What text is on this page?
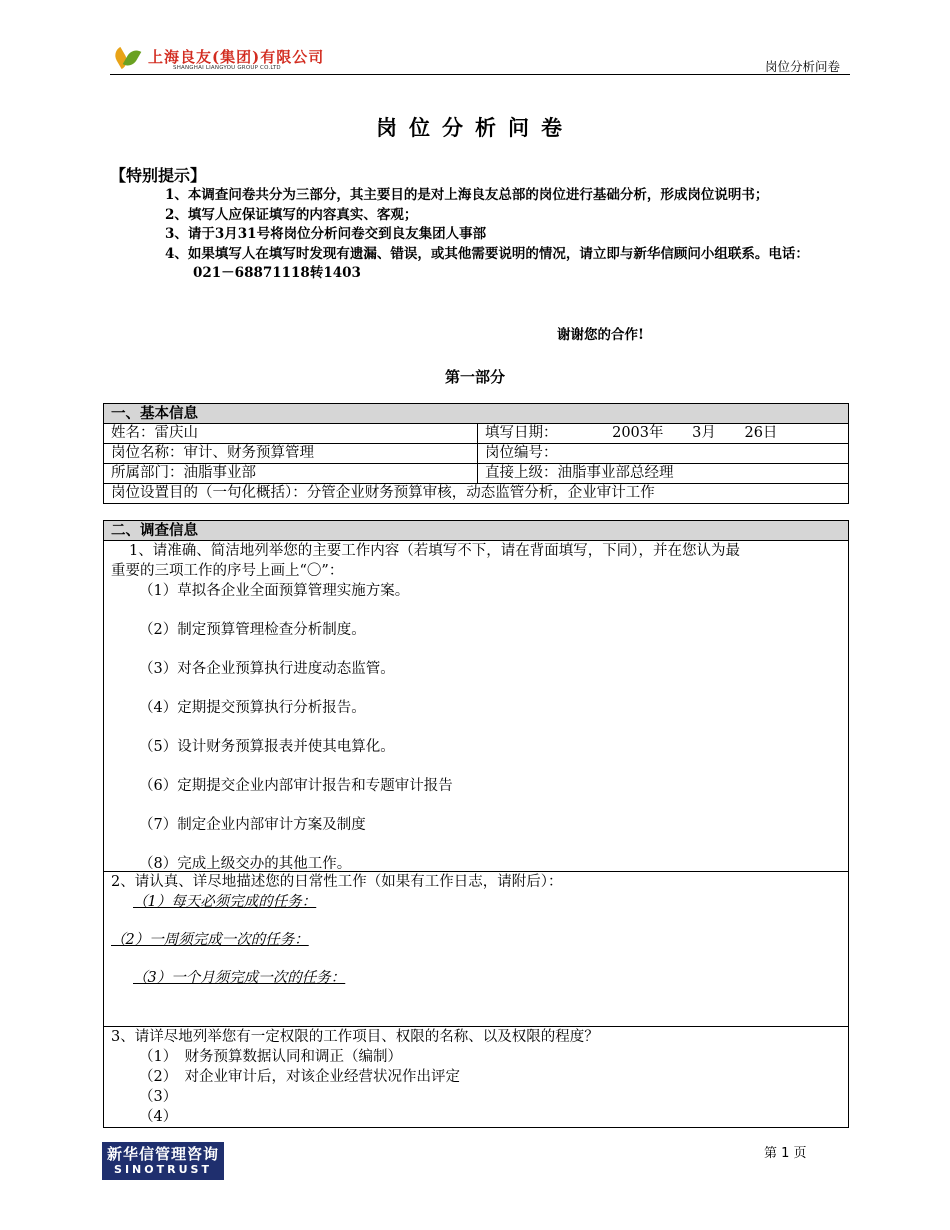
上海良友(集团)有限公司
SHANGHAI LIANGYOU GROUP CO.LTD	岗位分析问卷
岗位分析问卷
【特别提示】
1、本调查问卷共分为三部分，其主要目的是对上海良友总部的岗位进行基础分析，形成岗位说明书；
2、填写人应保证填写的内容真实、客观；
3、请于3月31号将岗位分析问卷交到良友集团人事部
4、如果填写人在填写时发现有遗漏、错误，或其他需要说明的情况，请立即与新华信顾问小组联系。电话：021－68871118转1403
谢谢您的合作!
第一部分
一、基本信息
姓名：雷庆山	填写日期：	2003年 3月 26日
岗位名称：审计、财务预算管理	岗位编号：
所属部门：油脂事业部	直接上级：油脂事业部总经理
岗位设置目的（一句化概括）：分管企业财务预算审核，动态监管分析，企业审计工作
二、调查信息
1、请准确、简洁地列举您的主要工作内容（若填写不下，请在背面填写，下同），并在您认为最
重要的三项工作的序号上画上“〇”：
（1）草拟各企业全面预算管理实施方案。
（2）制定预算管理检查分析制度。
（3）对各企业预算执行进度动态监管。
（4）定期提交预算执行分析报告。
（5）设计财务预算报表并使其电算化。
（6）定期提交企业内部审计报告和专题审计报告
（7）制定企业内部审计方案及制度
（8）完成上级交办的其他工作。
2、请认真、详尽地描述您的日常性工作（如果有工作日志，请附后）：
（1）每天必须完成的任务：
（2）一周须完成一次的任务：
（3）一个月须完成一次的任务：
3、请详尽地列举您有一定权限的工作项目、权限的名称、以及权限的程度？
（1）　财务预算数据认同和调正（编制）
（2）　对企业审计后，对该企业经营状况作出评定
（3）
（4）
新华信管理咨询
SINOTRUST
第 1 页
